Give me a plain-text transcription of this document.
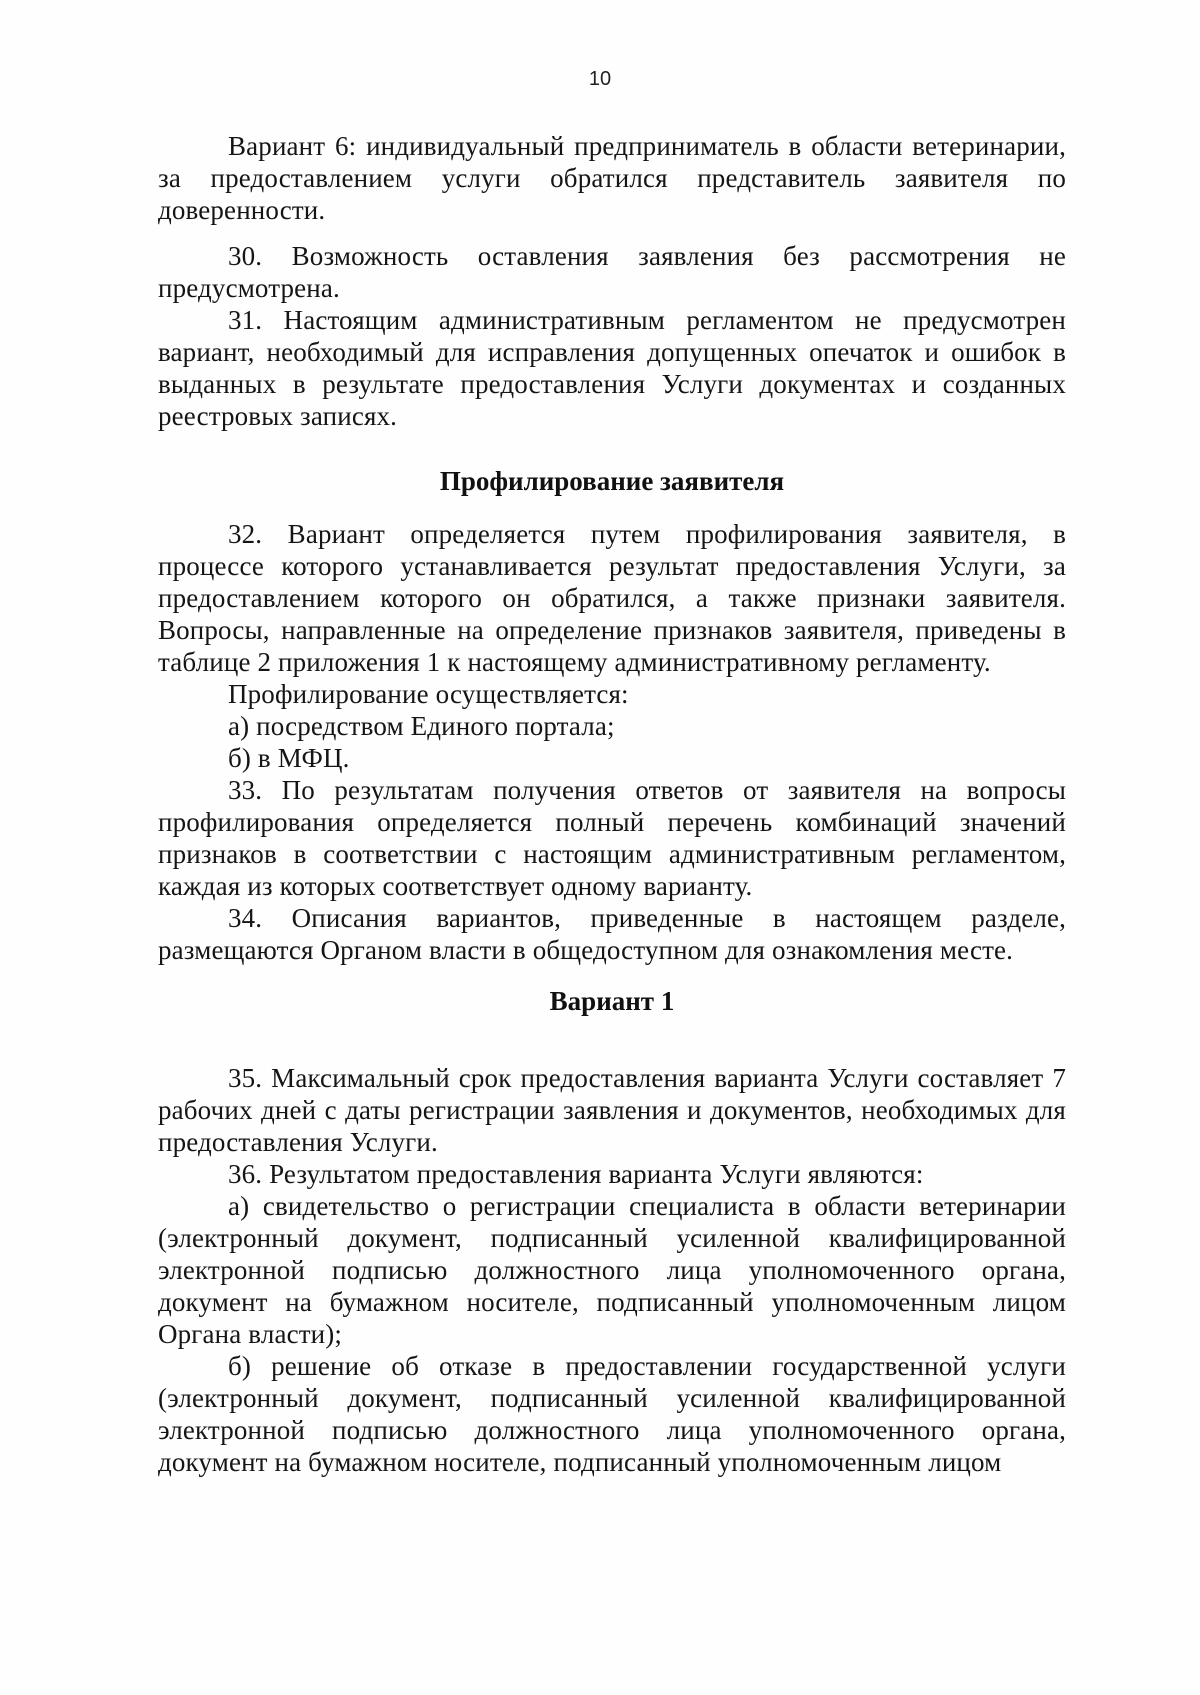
10

Вариант 6: индивидуальный предприниматель в области ветеринарии, за предоставлением услуги обратился представитель заявителя по доверенности.

30. Возможность оставления заявления без рассмотрения не предусмотрена.

31. Настоящим административным регламентом не предусмотрен вариант, необходимый для исправления допущенных опечаток и ошибок в выданных в результате предоставления Услуги документах и созданных реестровых записях.

Профилирование заявителя

32. Вариант определяется путем профилирования заявителя, в процессе которого устанавливается результат предоставления Услуги, за предоставлением которого он обратился, а также признаки заявителя. Вопросы, направленные на определение признаков заявителя, приведены в таблице 2 приложения 1 к настоящему административному регламенту.

Профилирование осуществляется:

а) посредством Единого портала;

б) в МФЦ.

33. По результатам получения ответов от заявителя на вопросы профилирования определяется полный перечень комбинаций значений признаков в соответствии с настоящим административным регламентом, каждая из которых соответствует одному варианту.

34. Описания вариантов, приведенные в настоящем разделе, размещаются Органом власти в общедоступном для ознакомления месте.

Вариант 1

35. Максимальный срок предоставления варианта Услуги составляет 7 рабочих дней с даты регистрации заявления и документов, необходимых для предоставления Услуги.

36. Результатом предоставления варианта Услуги являются:

а) свидетельство о регистрации специалиста в области ветеринарии (электронный документ, подписанный усиленной квалифицированной электронной подписью должностного лица уполномоченного органа, документ на бумажном носителе, подписанный уполномоченным лицом Органа власти);

б) решение об отказе в предоставлении государственной услуги (электронный документ, подписанный усиленной квалифицированной электронной подписью должностного лица уполномоченного органа, документ на бумажном носителе, подписанный уполномоченным лицом
